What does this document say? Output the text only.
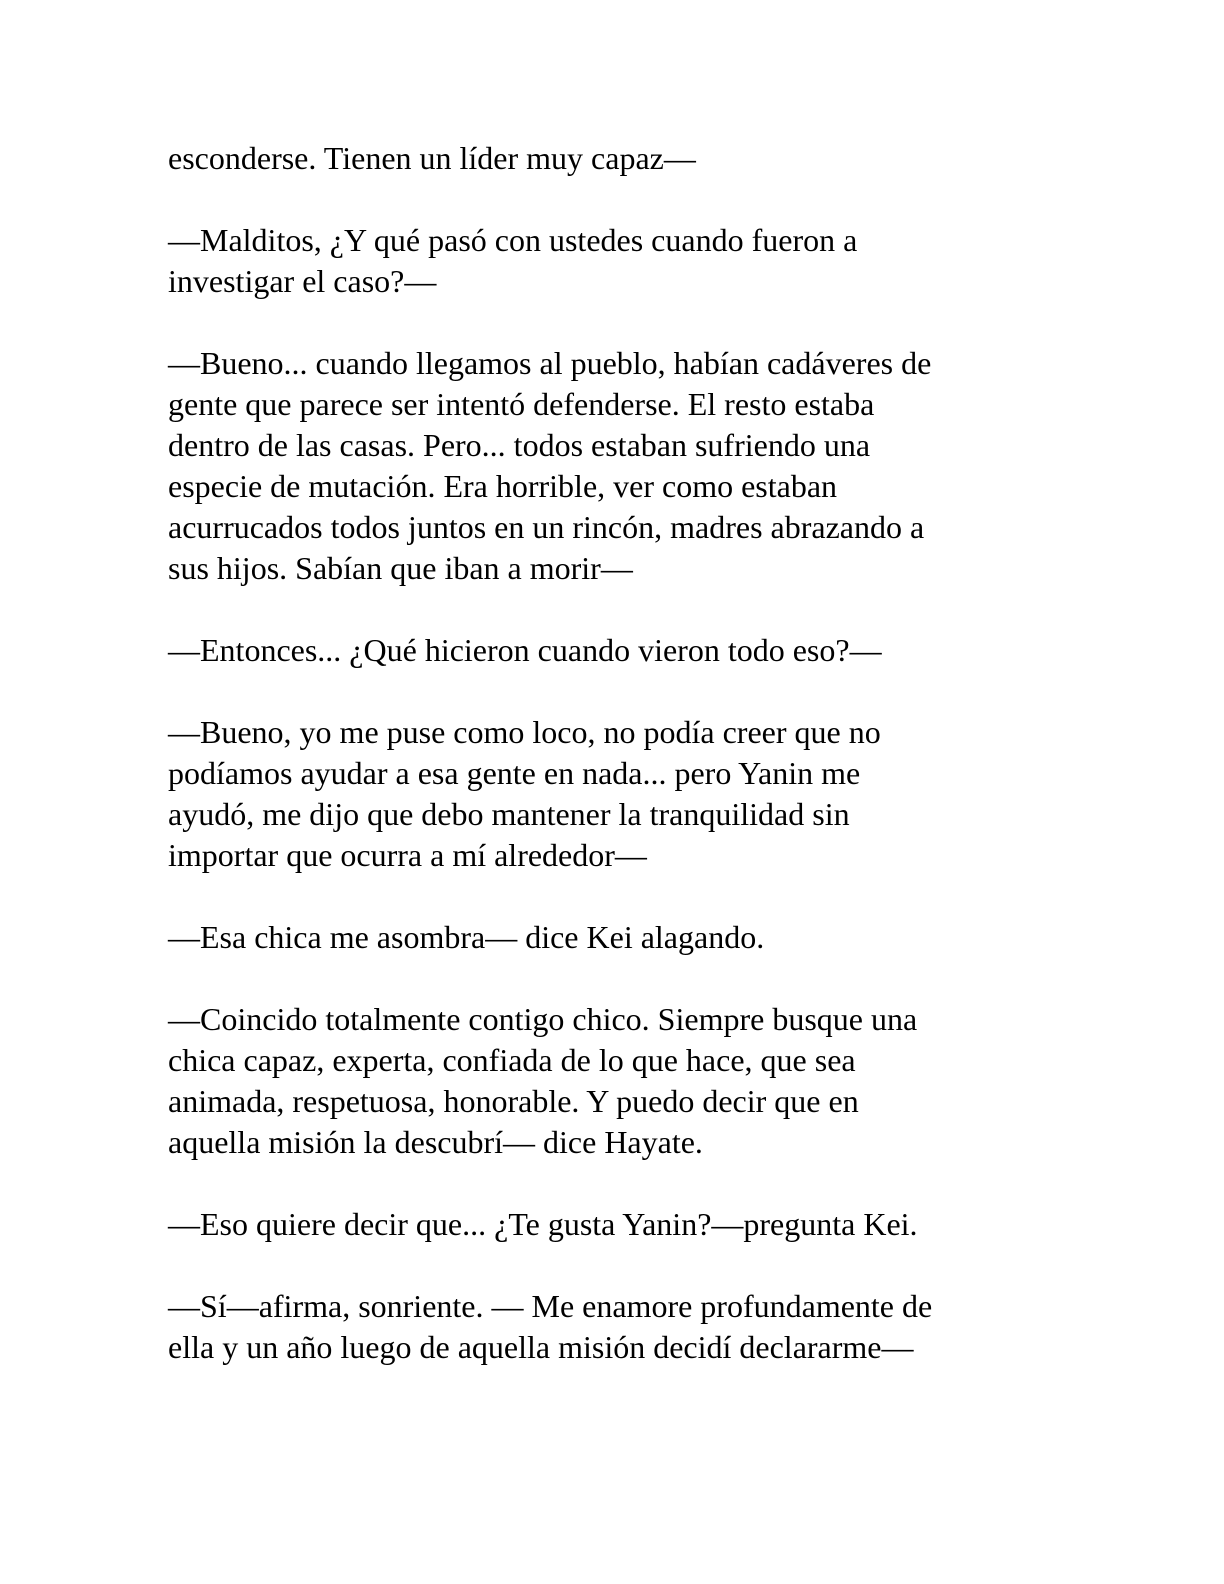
esconderse. Tienen un líder muy capaz—
—Malditos, ¿Y qué pasó con ustedes cuando fueron a
investigar el caso?—
—Bueno... cuando llegamos al pueblo, habían cadáveres de
gente que parece ser intentó defenderse. El resto estaba
dentro de las casas. Pero... todos estaban sufriendo una
especie de mutación. Era horrible, ver como estaban
acurrucados todos juntos en un rincón, madres abrazando a
sus hijos. Sabían que iban a morir—
—Entonces... ¿Qué hicieron cuando vieron todo eso?—
—Bueno, yo me puse como loco, no podía creer que no
podíamos ayudar a esa gente en nada... pero Yanin me
ayudó, me dijo que debo mantener la tranquilidad sin
importar que ocurra a mí alrededor—
—Esa chica me asombra— dice Kei alagando.
—Coincido totalmente contigo chico. Siempre busque una
chica capaz, experta, confiada de lo que hace, que sea
animada, respetuosa, honorable. Y puedo decir que en
aquella misión la descubrí— dice Hayate.
—Eso quiere decir que... ¿Te gusta Yanin?—pregunta Kei.
—Sí—afirma, sonriente. — Me enamore profundamente de
ella y un año luego de aquella misión decidí declararme—
